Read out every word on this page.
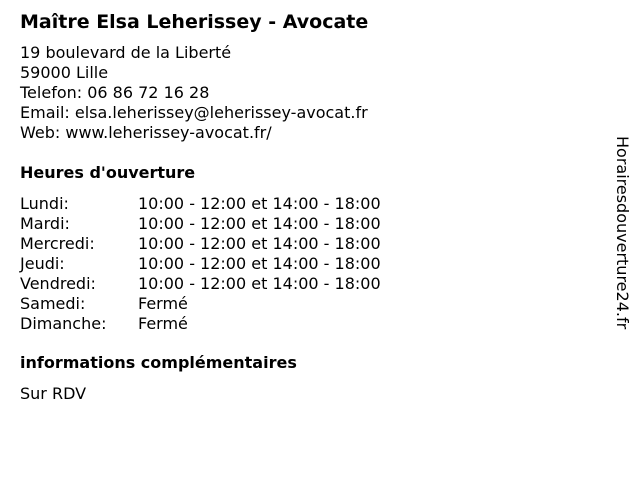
Maître Elsa Leherissey - Avocate
19 boulevard de la Liberté
59000 Lille
Telefon: 06 86 72 16 28
Email: elsa.leherissey@leherissey-avocat.fr
Web: www.leherissey-avocat.fr/
Heures d'ouverture
Lundi:	10:00 - 12:00 et 14:00 - 18:00
Mardi:	10:00 - 12:00 et 14:00 - 18:00
Mercredi:	10:00 - 12:00 et 14:00 - 18:00
Jeudi:	10:00 - 12:00 et 14:00 - 18:00
Vendredi:	10:00 - 12:00 et 14:00 - 18:00
Samedi:	Fermé
Dimanche: Fermé
informations complémentaires
Sur RDV
Horairesdouverture24.fr
